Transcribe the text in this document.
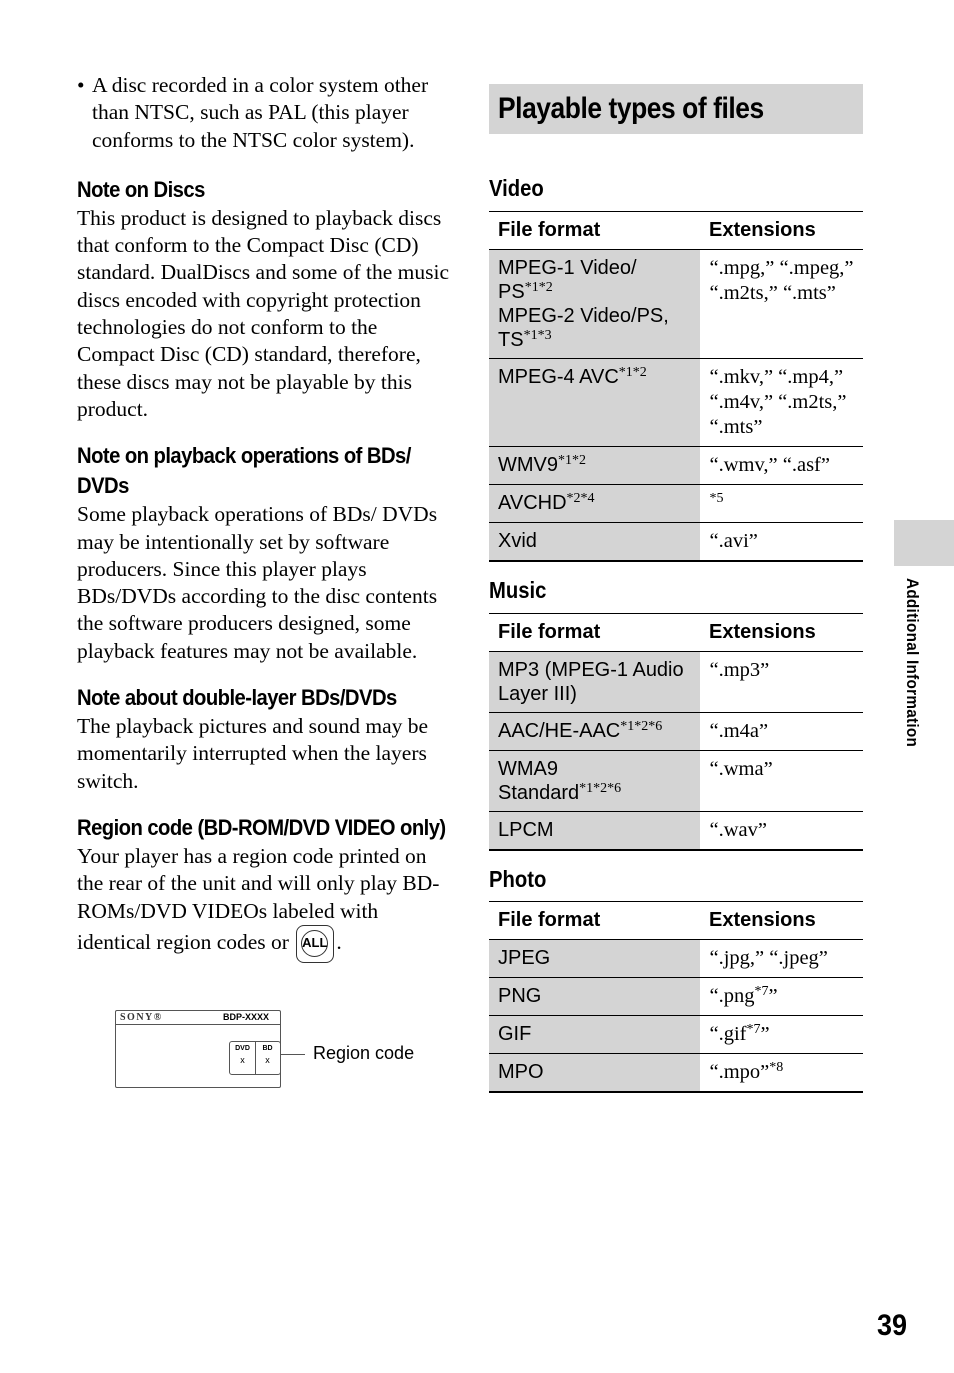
• A disc recorded in a color system other than NTSC, such as PAL (this player conforms to the NTSC color system).
Note on Discs
This product is designed to playback discs that conform to the Compact Disc (CD) standard. DualDiscs and some of the music discs encoded with copyright protection technologies do not conform to the Compact Disc (CD) standard, therefore, these discs may not be playable by this product.
Note on playback operations of BDs/ DVDs
Some playback operations of BDs/ DVDs may be intentionally set by software producers. Since this player plays BDs/DVDs according to the disc contents the software producers designed, some playback features may not be available.
Note about double-layer BDs/DVDs
The playback pictures and sound may be momentarily interrupted when the layers switch.
Region code (BD-ROM/DVD VIDEO only)
Your player has a region code printed on the rear of the unit and will only play BD-ROMs/DVD VIDEOs labeled with identical region codes or	ALL .
SONY®	BDP-XXXX
DVD
x
BD
x	Region code
Playable types of files
Video
File format	Extensions

MPEG-1 Video/
$PS^{*1*2}$
MPEG-2 Video/PS,
$TS^{*1*3}$	“.mpg,” “.mpeg,” “.m2ts,” “.mts”

MPEG-4 $AVC^{*1*2}$	“.mkv,” “.mp4,” “.m4v,” “.m2ts,” “.mts”

$WMV9^{*1*2}$	“.wmv,” “.asf”

$AVCHD^{*2*4}$	$^{*5}$

Xvid	“.avi”
Music
File format	Extensions

MP3 (MPEG-1 Audio Layer III)	“.mp3”

AAC/$HE-AAC^{*1*2*6}$	“.m4a”

WMA9
Standard$^{*1*2*6}$	“.wma”

LPCM	“.wav”
Photo
File format	Extensions

JPEG	“.jpg,” “.jpeg”

PNG	“.png$^{*7}$”

GIF	“.gif$^{*7}$”

MPO	“.mpo”$^{*8}$
Additional Information
39
